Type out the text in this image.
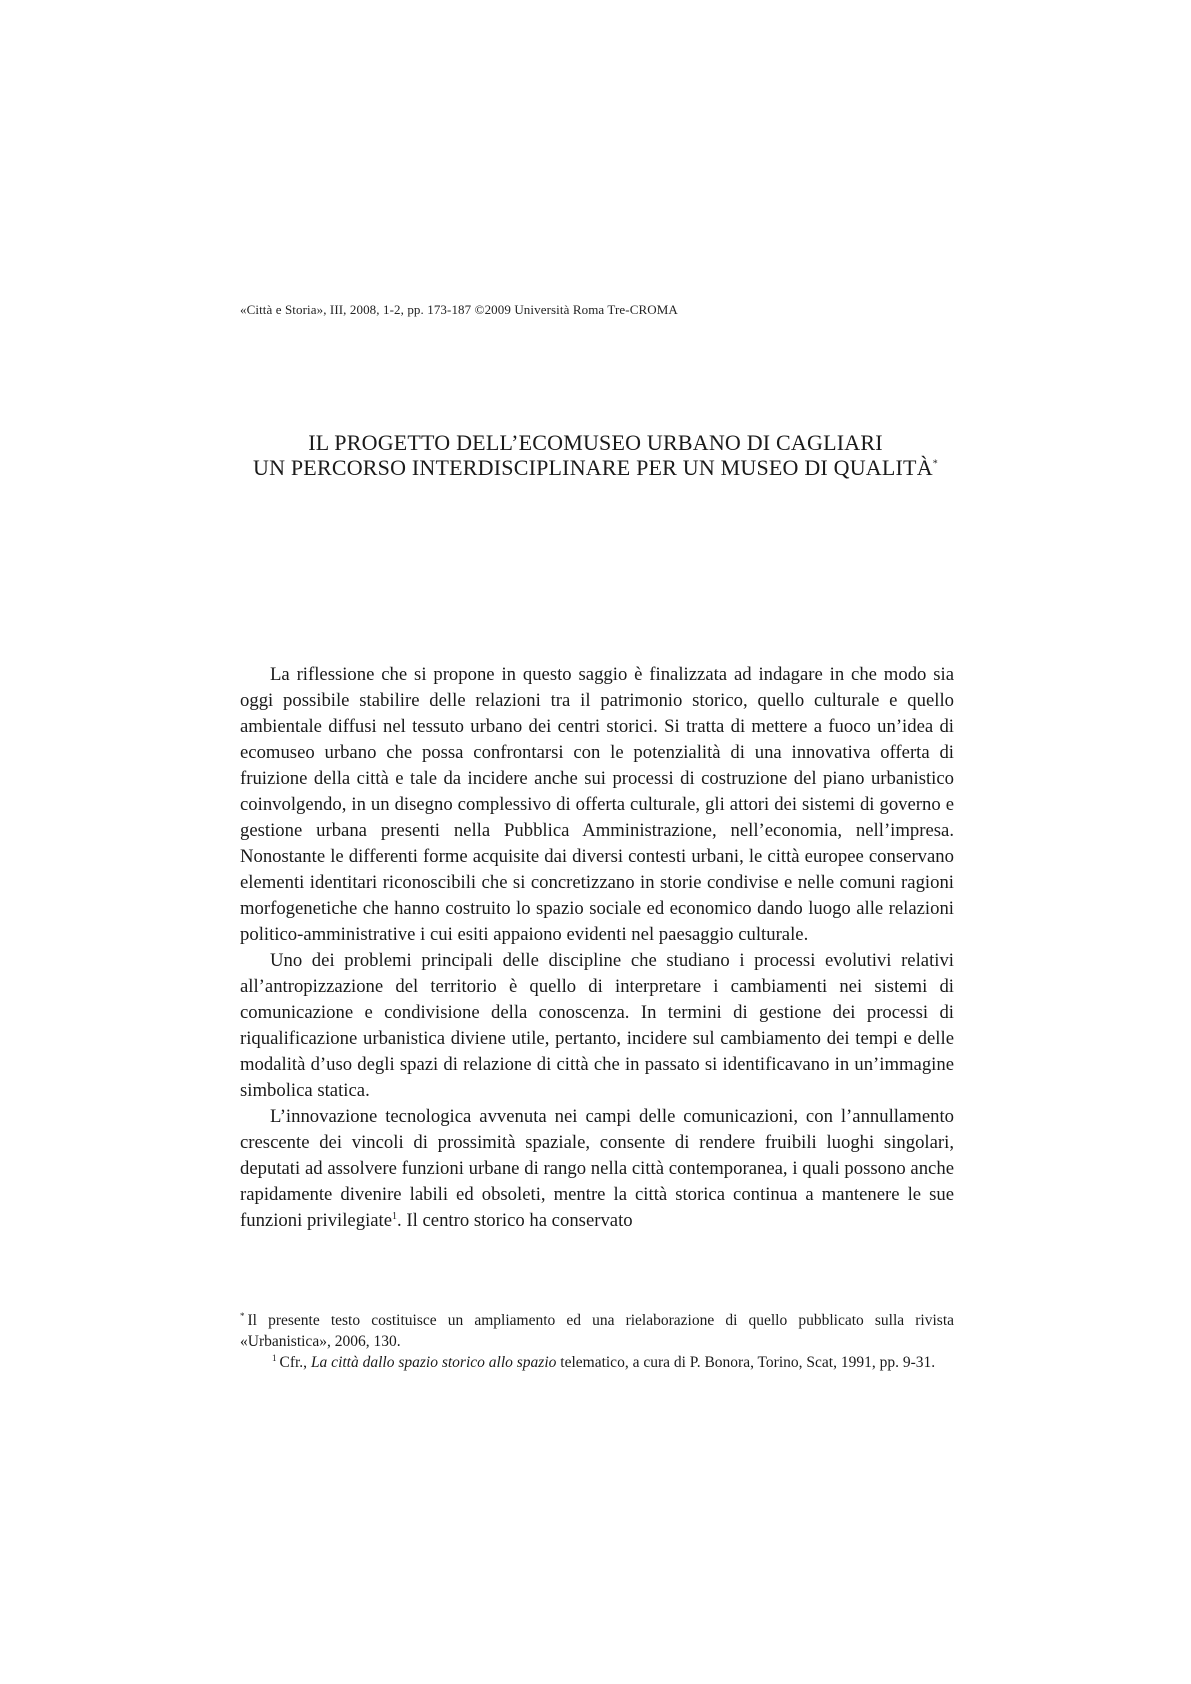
«Città e Storia», III, 2008, 1-2, pp. 173-187 ©2009 Università Roma Tre-CROMA
IL PROGETTO DELL’ECOMUSEO URBANO DI CAGLIARI
UN PERCORSO INTERDISCIPLINARE PER UN MUSEO DI QUALITÀ*

La riflessione che si propone in questo saggio è finalizzata ad indagare in che modo sia oggi possibile stabilire delle relazioni tra il patrimonio storico, quello culturale e quello ambientale diffusi nel tessuto urbano dei centri storici. Si tratta di mettere a fuoco un’idea di ecomuseo urbano che possa confrontarsi con le potenzialità di una innovativa offerta di fruizione della città e tale da incidere anche sui processi di costruzione del piano urbanistico coinvolgendo, in un disegno complessivo di offerta culturale, gli attori dei sistemi di governo e gestione urbana presenti nella Pubblica Amministrazione, nell’economia, nell’impresa. Nonostante le differenti forme acquisite dai diversi contesti urbani, le città europee conservano elementi identitari riconoscibili che si concretizzano in storie condivise e nelle comuni ragioni morfogenetiche che hanno costruito lo spazio sociale ed economico dando luogo alle relazioni politico-amministrative i cui esiti appaiono evidenti nel paesaggio culturale.

Uno dei problemi principali delle discipline che studiano i processi evolutivi relativi all’antropizzazione del territorio è quello di interpretare i cambiamenti nei sistemi di comunicazione e condivisione della conoscenza. In termini di gestione dei processi di riqualificazione urbanistica diviene utile, pertanto, incidere sul cambiamento dei tempi e delle modalità d’uso degli spazi di relazione di città che in passato si identificavano in un’immagine simbolica statica.

L’innovazione tecnologica avvenuta nei campi delle comunicazioni, con l’annullamento crescente dei vincoli di prossimità spaziale, consente di rendere fruibili luoghi singolari, deputati ad assolvere funzioni urbane di rango nella città contemporanea, i quali possono anche rapidamente divenire labili ed obsoleti, mentre la città storica continua a mantenere le sue funzioni privilegiate$^1$. Il centro storico ha conservato

* Il presente testo costituisce un ampliamento ed una rielaborazione di quello pubblicato sulla rivista «Urbanistica», 2006, 130.

$^1$ Cfr., La città dallo spazio storico allo spazio telematico, a cura di P. Bonora, Torino, Scat, 1991, pp. 9-31.
